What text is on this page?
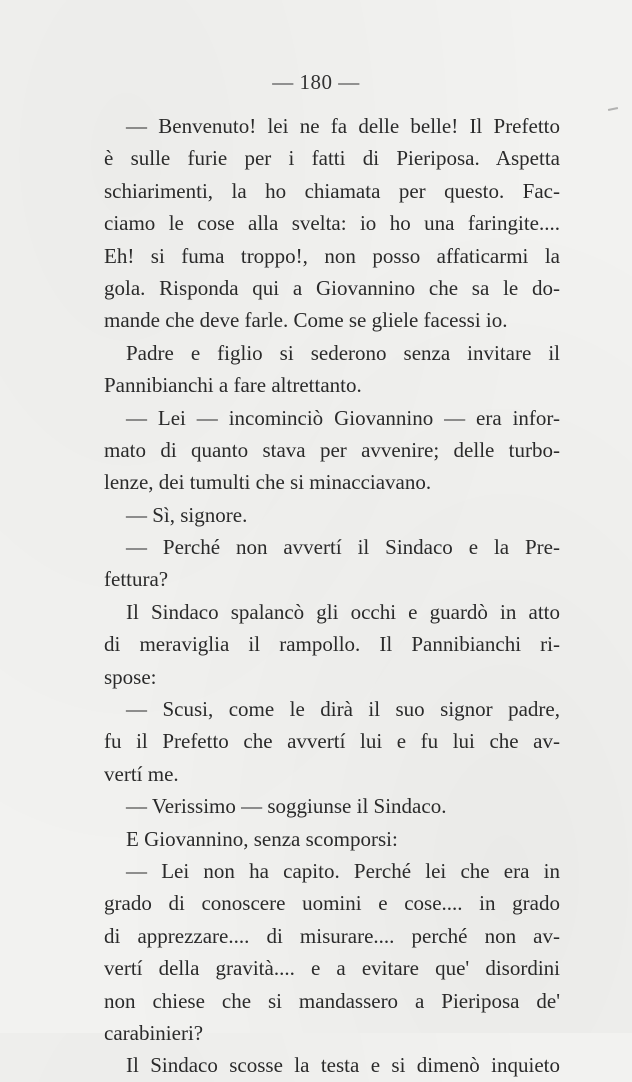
— 180 —
— Benvenuto! lei ne fa delle belle! Il Prefetto
è sulle furie per i fatti di Pieriposa. Aspetta
schiarimenti, la ho chiamata per questo. Fac-
ciamo le cose alla svelta: io ho una faringite....
Eh! si fuma troppo!, non posso affaticarmi la
gola. Risponda qui a Giovannino che sa le do-
mande che deve farle. Come se gliele facessi io.
Padre e figlio si sederono senza invitare il
Pannibianchi a fare altrettanto.
— Lei — incominciò Giovannino — era infor-
mato di quanto stava per avvenire; delle turbo-
lenze, dei tumulti che si minacciavano.
— Sì, signore.
— Perché non avvertí il Sindaco e la Pre-
fettura?
Il Sindaco spalancò gli occhi e guardò in atto
di meraviglia il rampollo. Il Pannibianchi ri-
spose:
— Scusi, come le dirà il suo signor padre,
fu il Prefetto che avvertí lui e fu lui che av-
vertí me.
— Verissimo — soggiunse il Sindaco.
E Giovannino, senza scomporsi:
— Lei non ha capito. Perché lei che era in
grado di conoscere uomini e cose.... in grado
di apprezzare.... di misurare.... perché non av-
vertí della gravità.... e a evitare que' disordini
non chiese che si mandassero a Pieriposa de'
carabinieri?
Il Sindaco scosse la testa e si dimenò inquieto
